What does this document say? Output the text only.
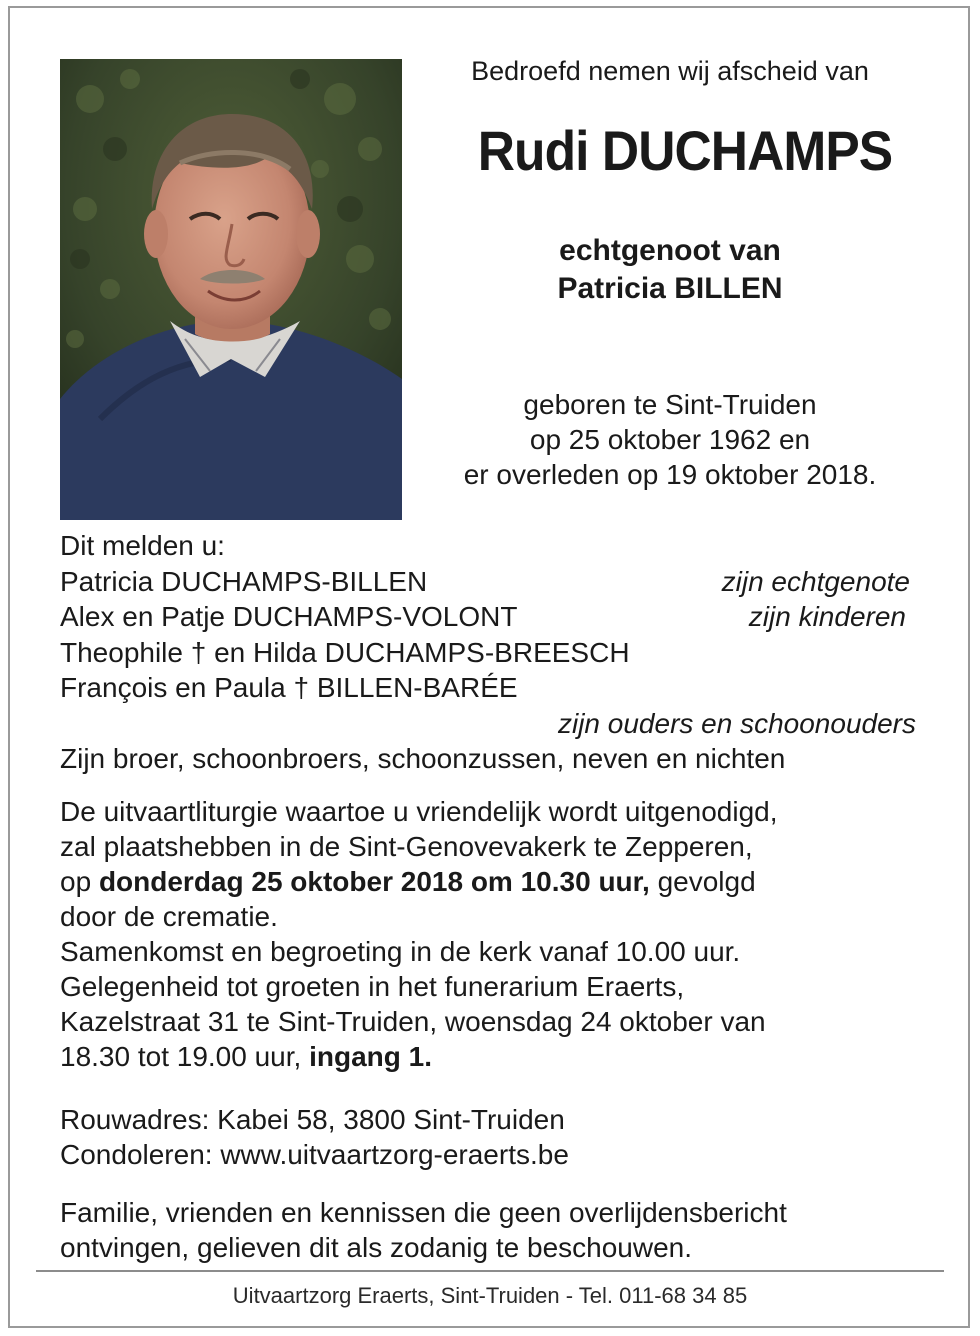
Bedroefd nemen wij afscheid van
Rudi DUCHAMPS
echtgenoot van
Patricia BILLEN
geboren te Sint-Truiden
op 25 oktober 1962 en
er overleden op 19 oktober 2018.
Dit melden u:
Patricia DUCHAMPS-BILLEN	zijn echtgenote
Alex en Patje DUCHAMPS-VOLONT	zijn kinderen
Theophile † en Hilda DUCHAMPS-BREESCH
François en Paula † BILLEN-BARÉE
zijn ouders en schoonouders
Zijn broer, schoonbroers, schoonzussen, neven en nichten
De uitvaartliturgie waartoe u vriendelijk wordt uitgenodigd,
zal plaatshebben in de Sint-Genovevakerk te Zepperen,
op donderdag 25 oktober 2018 om 10.30 uur, gevolgd
door de crematie.
Samenkomst en begroeting in de kerk vanaf 10.00 uur.
Gelegenheid tot groeten in het funerarium Eraerts,
Kazelstraat 31 te Sint-Truiden, woensdag 24 oktober van
18.30 tot 19.00 uur, ingang 1.
Rouwadres: Kabei 58, 3800 Sint-Truiden
Condoleren: www.uitvaartzorg-eraerts.be
Familie, vrienden en kennissen die geen overlijdensbericht
ontvingen, gelieven dit als zodanig te beschouwen.
Uitvaartzorg Eraerts, Sint-Truiden - Tel. 011-68 34 85
